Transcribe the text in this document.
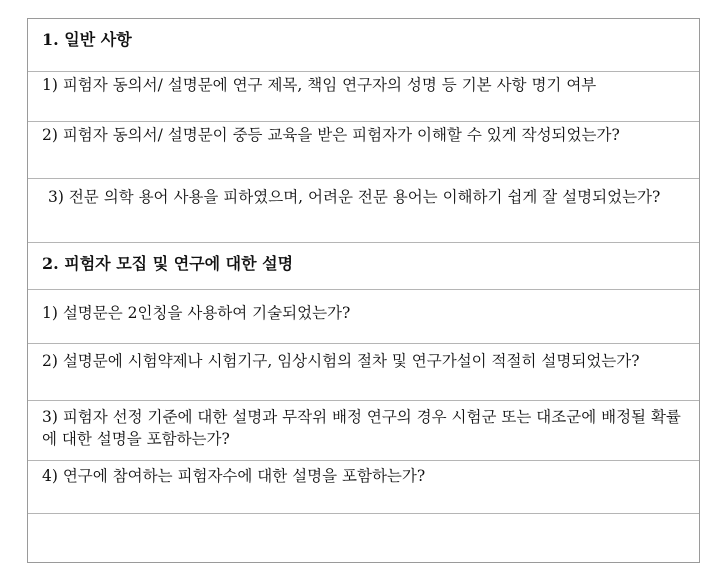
1. 일반 사항
1) 피험자 동의서/ 설명문에 연구 제목, 책임 연구자의 성명 등 기본 사항 명기 여부
2) 피험자 동의서/ 설명문이 중등 교육을 받은 피험자가 이해할 수 있게 작성되었는가?
3) 전문 의학 용어 사용을 피하였으며, 어려운 전문 용어는 이해하기 쉽게 잘 설명되었는가?
2. 피험자 모집 및 연구에 대한 설명
1) 설명문은 2인칭을 사용하여 기술되었는가?
2) 설명문에 시험약제나 시험기구, 임상시험의 절차 및 연구가설이 적절히 설명되었는가?
3) 피험자 선정 기준에 대한 설명과 무작위 배정 연구의 경우 시험군 또는 대조군에 배정될 확률에 대한 설명을 포함하는가?
4) 연구에 참여하는 피험자수에 대한 설명을 포함하는가?
